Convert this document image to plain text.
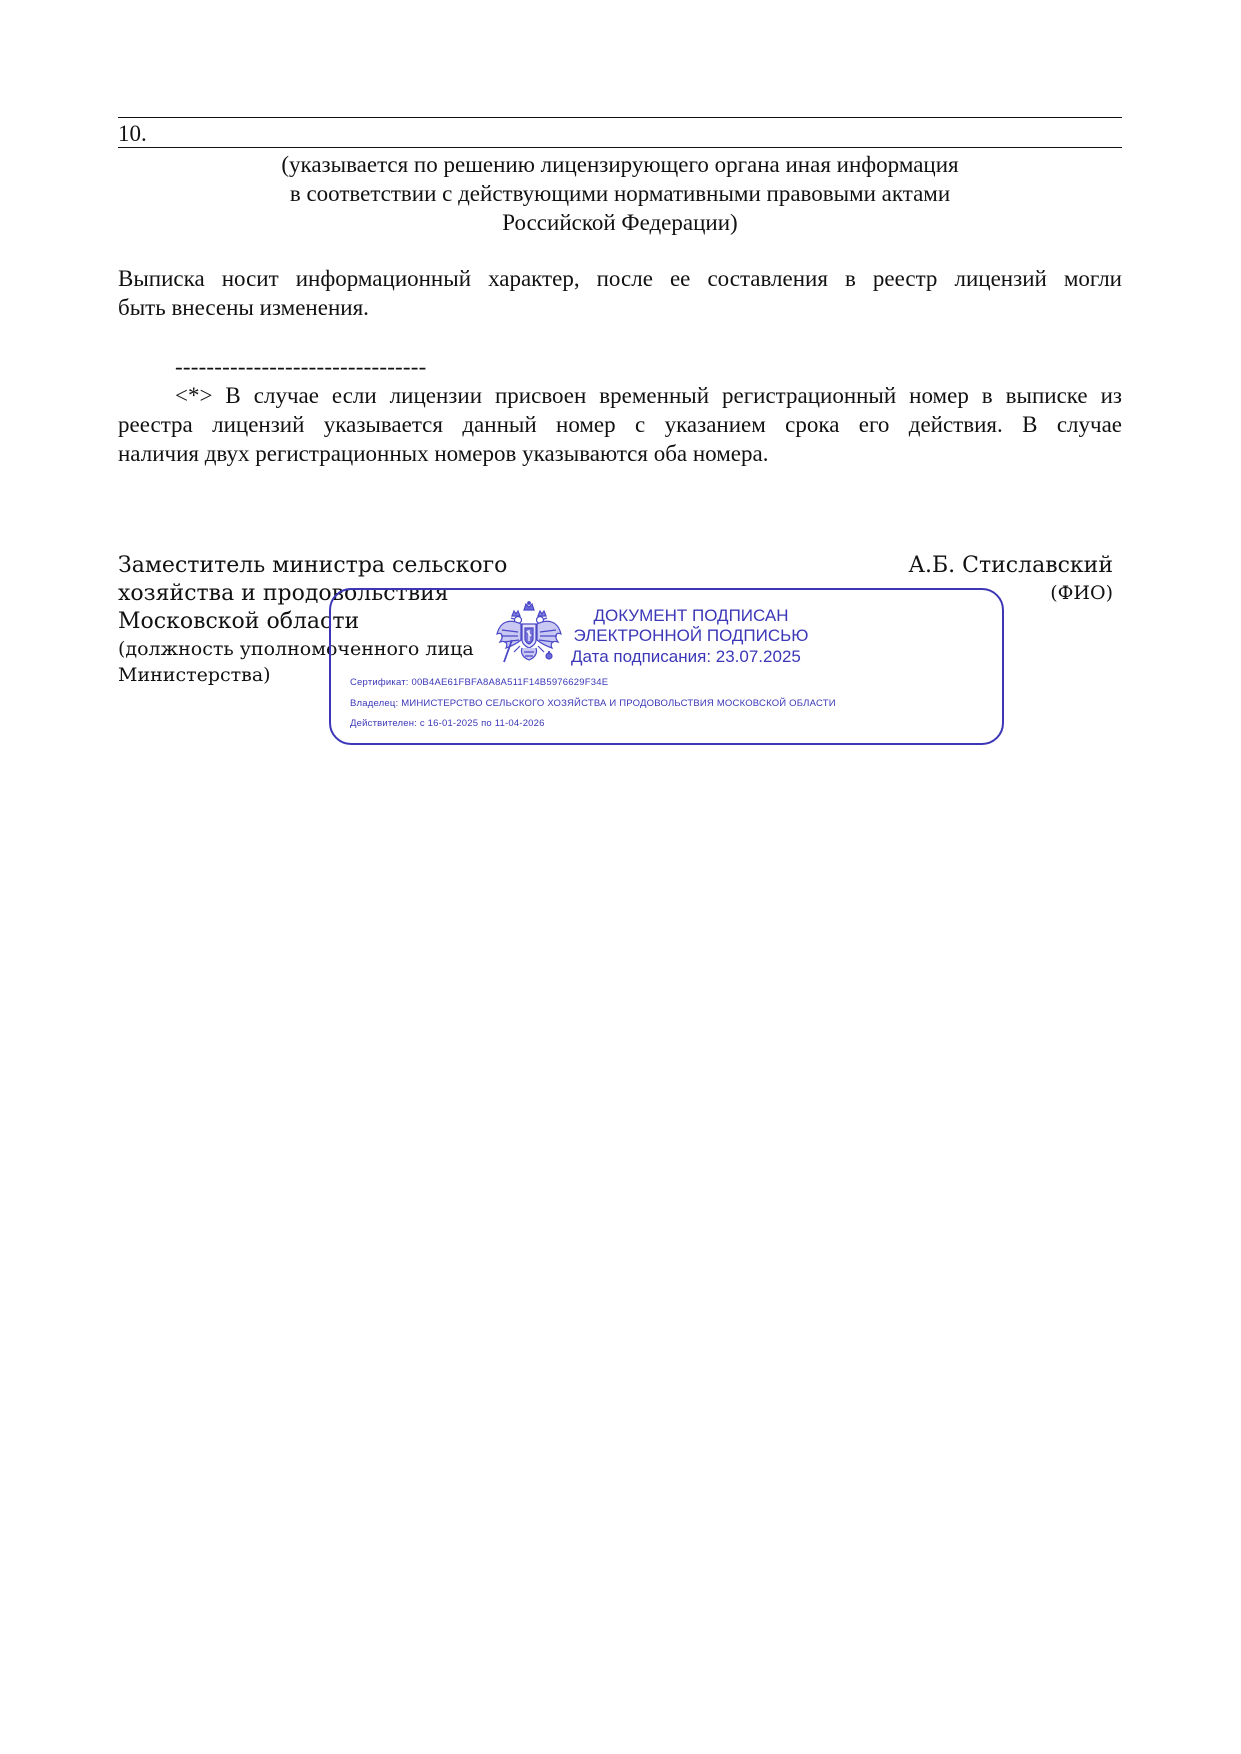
10.
(указывается по решению лицензирующего органа иная информация
в соответствии с действующими нормативными правовыми актами
Российской Федерации)
Выписка носит информационный характер, после ее составления в реестр лицензий могли
быть внесены изменения.
--------------------------------
<*> В случае если лицензии присвоен временный регистрационный номер в выписке из
реестра лицензий указывается данный номер с указанием срока его действия. В случае
наличия двух регистрационных номеров указываются оба номера.
Заместитель министра сельского
хозяйства и продовольствия
Московской области
(должность уполномоченного лица
Министерства)
А.Б. Стиславский
(ФИО)
ДОКУМЕНТ ПОДПИСАН
ЭЛЕКТРОННОЙ ПОДПИСЬЮ
Дата подписания: 23.07.2025
Сертификат: 00B4AE61FBFA8A8A511F14B5976629F34E
Владелец: МИНИСТЕРСТВО СЕЛЬСКОГО ХОЗЯЙСТВА И ПРОДОВОЛЬСТВИЯ МОСКОВСКОЙ ОБЛАСТИ
Действителен: с 16-01-2025 по 11-04-2026
